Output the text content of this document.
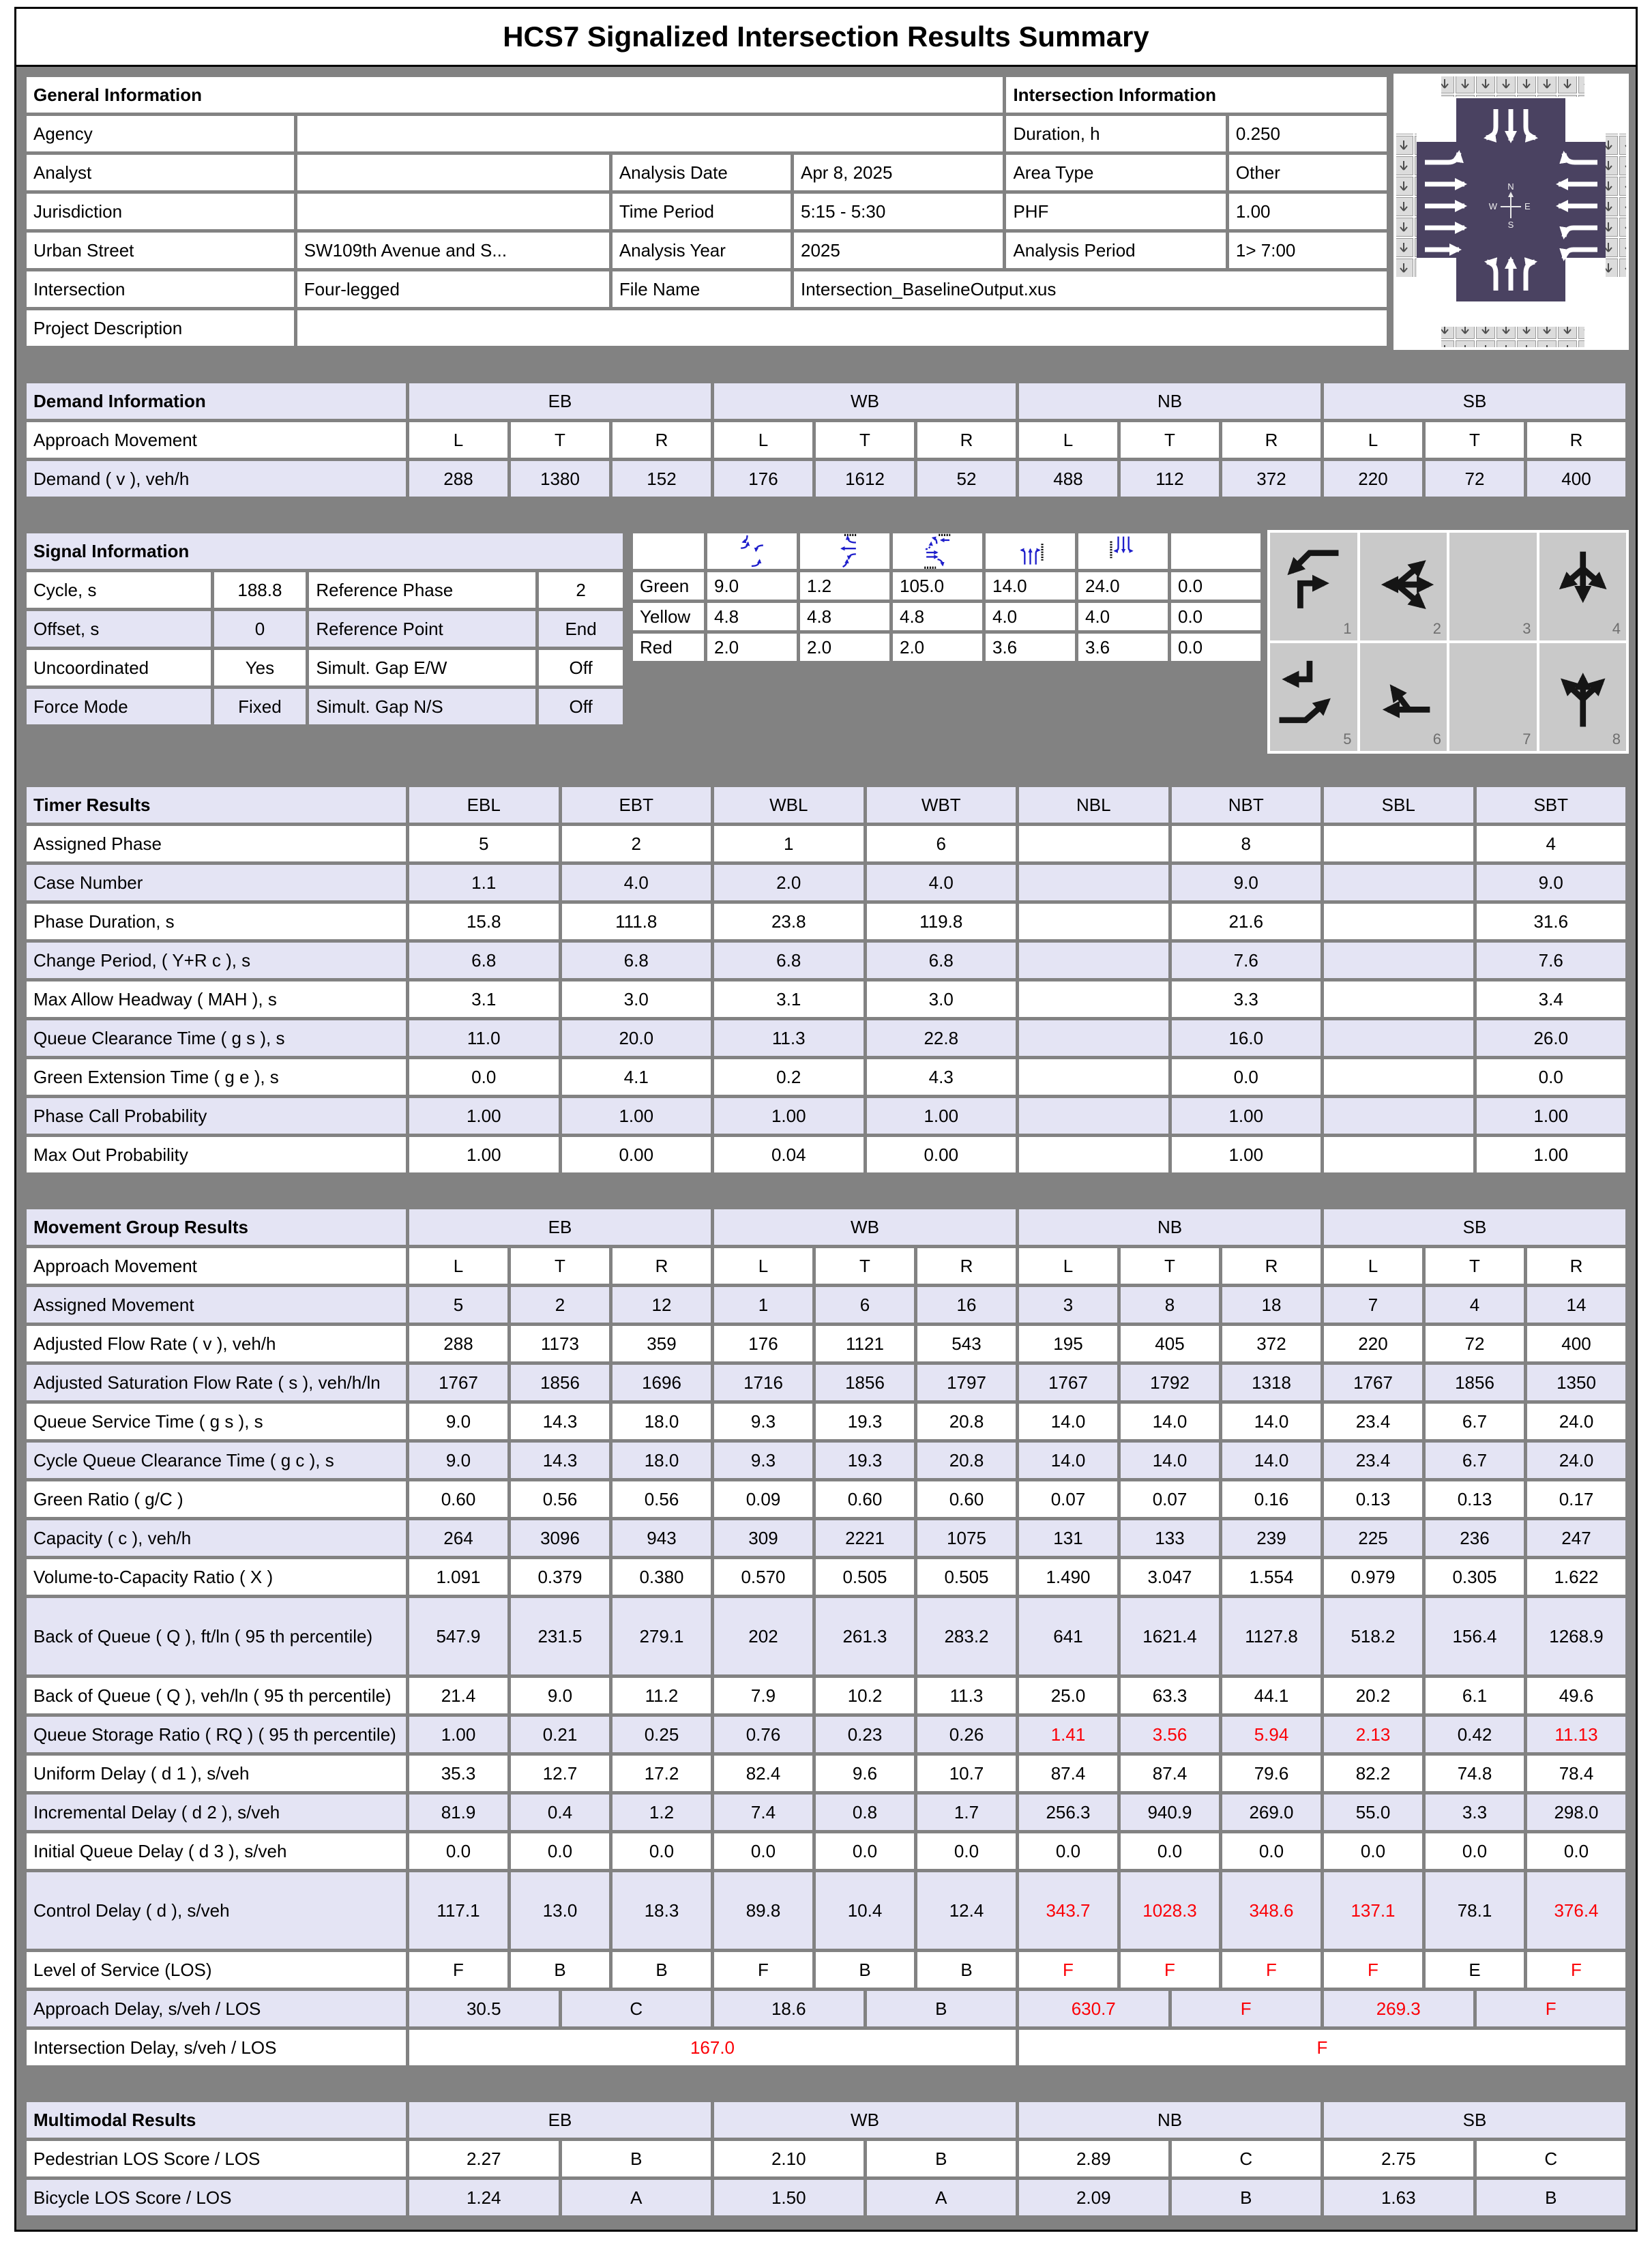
HCS7 Signalized Intersection Results Summary
General Information				Intersection Information	
Agency				Duration, h	0.250
Analyst		Analysis Date	Apr 8, 2025	Area Type	Other
Jurisdiction		Time Period	5:15 - 5:30	PHF	1.00
Urban Street	SW109th Avenue and S...	Analysis Year	2025	Analysis Period	1> 7:00
Intersection	Four-legged	File Name	Intersection_BaselineOutput.xus		
Project Description					
N
S
W	E
Demand Information	EB			WB			NB			SB		
Approach Movement	L	T	R	L	T	R	L	T	R	L	T	R
Demand ( v ), veh/h	288	1380	152	176	1612	52	488	112	372	220	72	400
Signal Information			
Cycle, s	188.8	Reference Phase	2
Offset, s	0	Reference Point	End
Uncoordinated	Yes	Simult. Gap E/W	Off
Force Mode	Fixed	Simult. Gap N/S	Off

Green	9.0	1.2	105.0	14.0	24.0	0.0
Yellow	4.8	4.8	4.8	4.0	4.0	0.0
Red	2.0	2.0	2.0	3.6	3.6	0.0
1	2	3	4
5	6	7	8
Timer Results	EBL	EBT	WBL	WBT	NBL	NBT	SBL	SBT
Assigned Phase	5	2	1	6		8		4
Case Number	1.1	4.0	2.0	4.0		9.0		9.0
Phase Duration, s	15.8	111.8	23.8	119.8		21.6		31.6
Change Period, ( Y+R c ), s	6.8	6.8	6.8	6.8		7.6		7.6
Max Allow Headway ( MAH ), s	3.1	3.0	3.1	3.0		3.3		3.4
Queue Clearance Time ( g s ), s	11.0	20.0	11.3	22.8		16.0		26.0
Green Extension Time ( g e ), s	0.0	4.1	0.2	4.3		0.0		0.0
Phase Call Probability	1.00	1.00	1.00	1.00		1.00		1.00
Max Out Probability	1.00	0.00	0.04	0.00		1.00		1.00
Movement Group Results	EB				WB				NB				SB			
Approach Movement	L	T		R	L	T		R	L	T		R	L	T		R
Assigned Movement	5	2		12	1	6		16	3	8		18	7	4		14
Adjusted Flow Rate ( v ), veh/h	288	1173		359	176	1121		543	195	405		372	220	72		400
Adjusted Saturation Flow Rate ( s ), veh/h/ln	1767	1856		1696	1716	1856		1797	1767	1792		1318	1767	1856		1350
Queue Service Time ( g s ), s	9.0	14.3		18.0	9.3	19.3		20.8	14.0	14.0		14.0	23.4	6.7		24.0
Cycle Queue Clearance Time ( g c ), s	9.0	14.3		18.0	9.3	19.3		20.8	14.0	14.0		14.0	23.4	6.7		24.0
Green Ratio ( g/C )	0.60	0.56		0.56	0.09	0.60		0.60	0.07	0.07		0.16	0.13	0.13		0.17
Capacity ( c ), veh/h	264	3096		943	309	2221		1075	131	133		239	225	236		247
Volume-to-Capacity Ratio ( X )	1.091	0.379		0.380	0.570	0.505		0.505	1.490	3.047		1.554	0.979	0.305		1.622
Back of Queue ( Q ), ft/ln ( 95 th percentile)	547.9	231.5		279.1	202	261.3		283.2	641	1621.4		1127.8	518.2	156.4		1268.9
Back of Queue ( Q ), veh/ln ( 95 th percentile)	21.4	9.0		11.2	7.9	10.2		11.3	25.0	63.3		44.1	20.2	6.1		49.6
Queue Storage Ratio ( RQ ) ( 95 th percentile)	1.00	0.21		0.25	0.76	0.23		0.26	1.41	3.56		5.94	2.13	0.42		11.13
Uniform Delay ( d 1 ), s/veh	35.3	12.7		17.2	82.4	9.6		10.7	87.4	87.4		79.6	82.2	74.8		78.4
Incremental Delay ( d 2 ), s/veh	81.9	0.4		1.2	7.4	0.8		1.7	256.3	940.9		269.0	55.0	3.3		298.0
Initial Queue Delay ( d 3 ), s/veh	0.0	0.0		0.0	0.0	0.0		0.0	0.0	0.0		0.0	0.0	0.0		0.0
Control Delay ( d ), s/veh	117.1	13.0		18.3	89.8	10.4		12.4	343.7	1028.3		348.6	137.1	78.1		376.4
Level of Service (LOS)	F	B		B	F	B		B	F	F		F	F	E		F
Approach Delay, s/veh / LOS	30.5		C		18.6		B		630.7		F		269.3		F	
Intersection Delay, s/veh / LOS	167.0								F							
Multimodal Results	EB		WB		NB		SB	
Pedestrian LOS Score / LOS	2.27	B	2.10	B	2.89	C	2.75	C
Bicycle LOS Score / LOS	1.24	A	1.50	A	2.09	B	1.63	B
